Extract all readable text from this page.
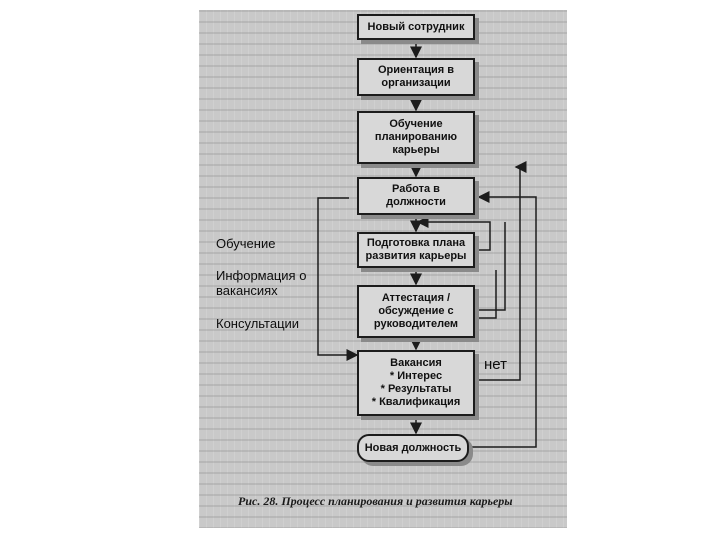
Новый сотрудник
Ориентация в
организации
Обучение
планированию
карьеры
Работа в
должности
Подготовка плана
развития карьеры
Аттестация /
обсуждение с
руководителем
Вакансия
* Интерес
* Результаты
* Квалификация
Новая должность
нет
Обучение
Информация о
вакансиях
Консультации
Рис. 28. Процесс планирования и развития карьеры
